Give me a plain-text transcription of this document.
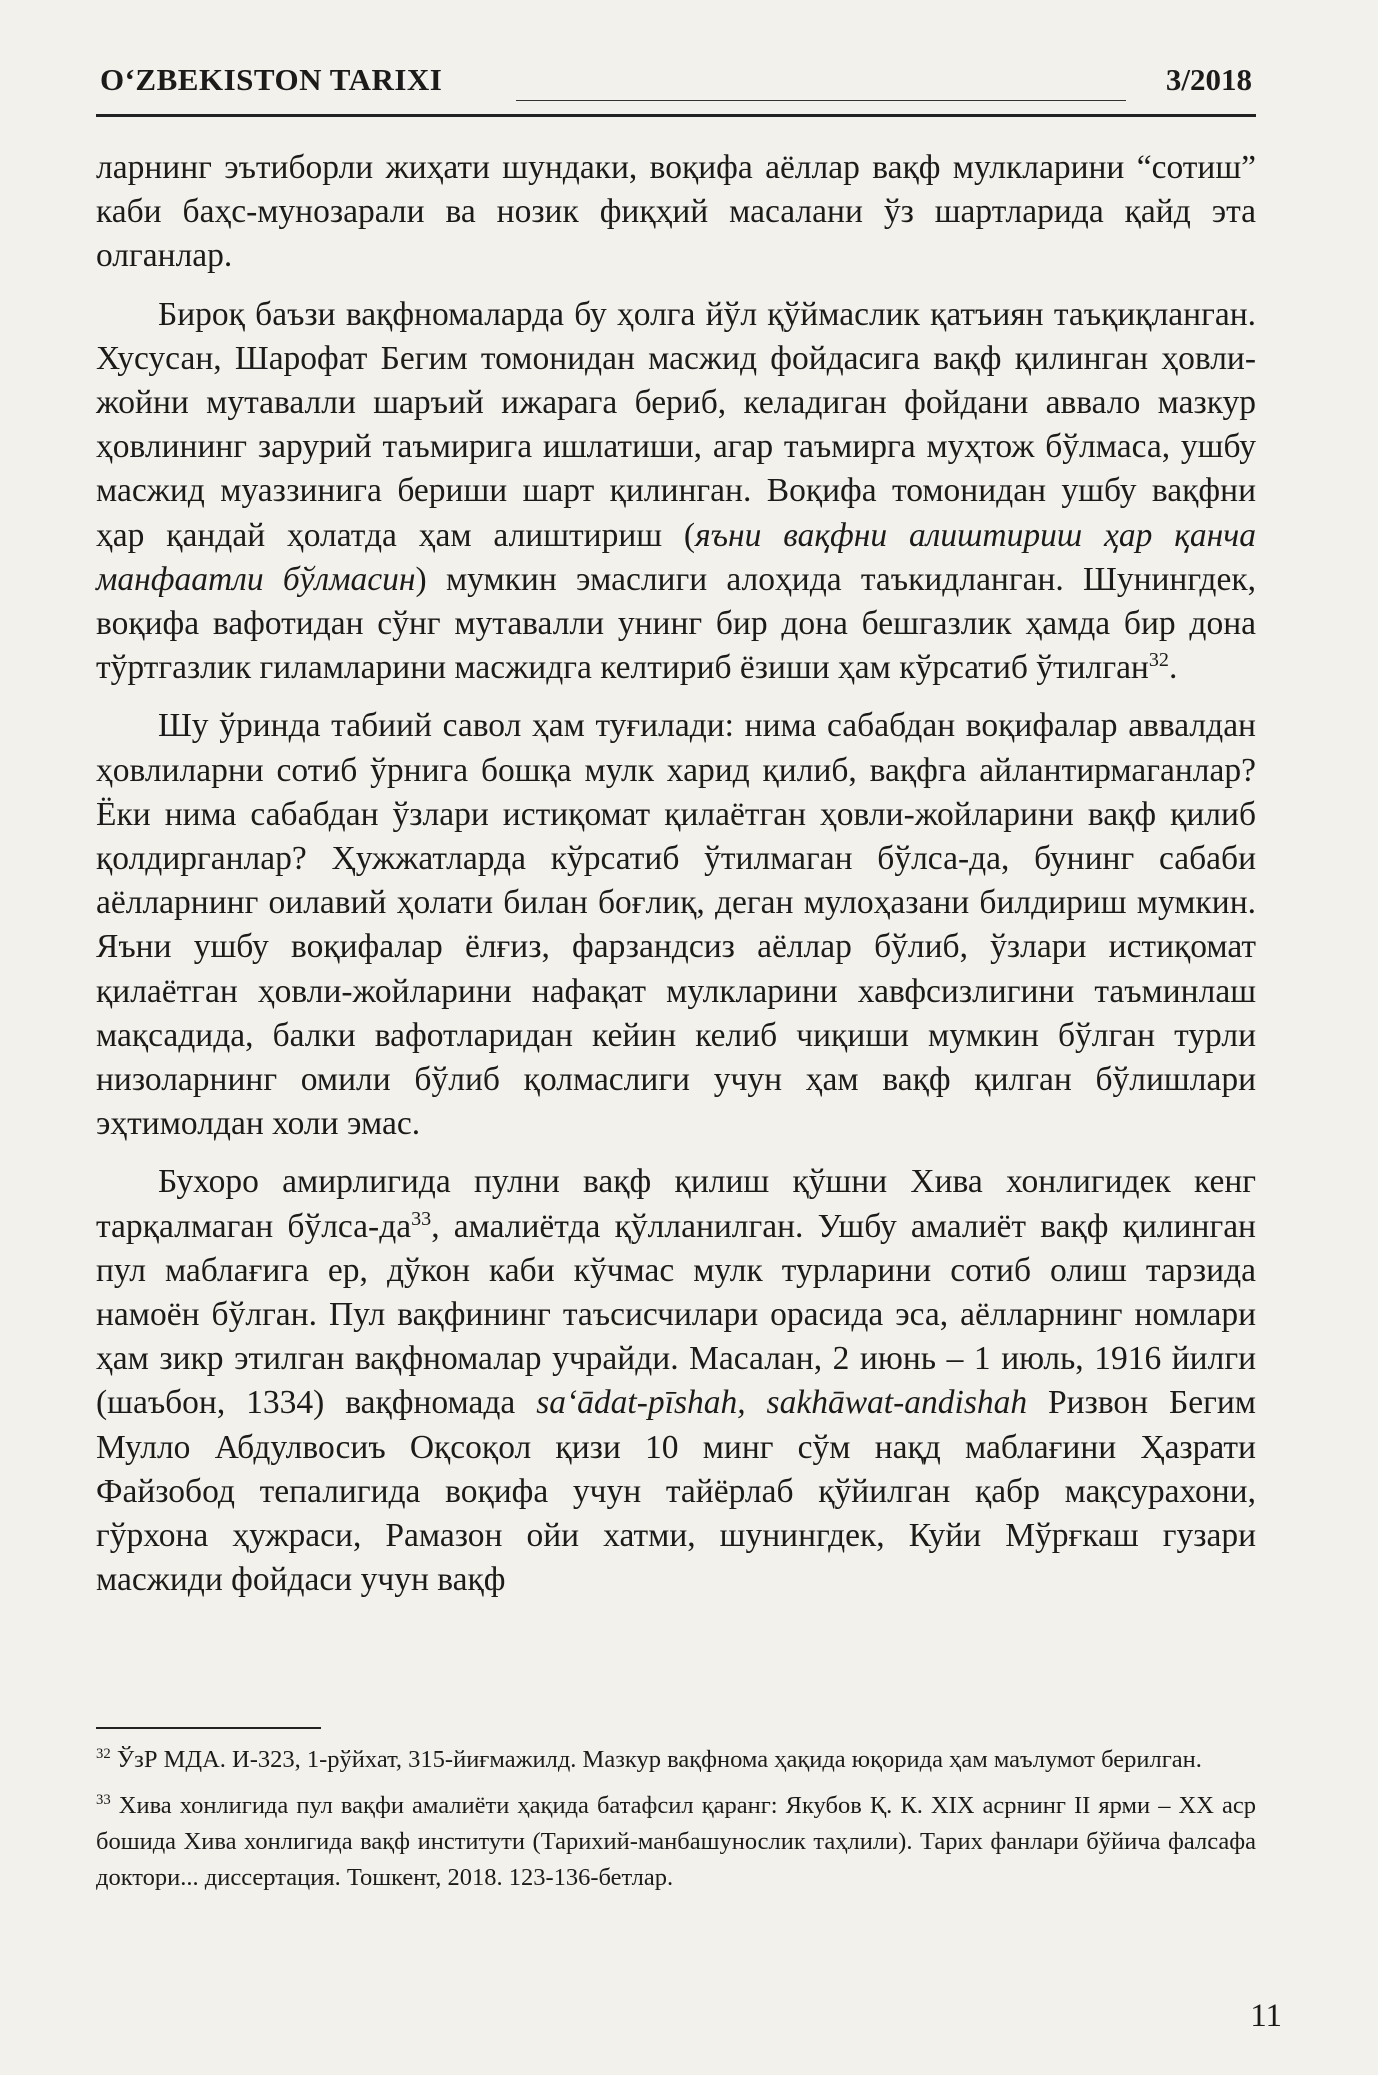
O‘ZBEKISTON TARIXI	3/2018

ларнинг эътиборли жиҳати шундаки, воқифа аёллар вақф мулкларини “сотиш” каби баҳс-мунозарали ва нозик фиқҳий масалани ўз шартларида қайд эта олганлар.

Бироқ баъзи вақфномаларда бу ҳолга йўл қўймаслик қатъиян таъқиқланган. Хусусан, Шарофат Бегим томонидан масжид фойдасига вақф қилинган ҳовли-жойни мутавалли шаръий ижарага бериб, келадиган фойдани аввало мазкур ҳовлининг зарурий таъмирига ишлатиши, агар таъмирга муҳтож бўлмаса, ушбу масжид муаззинига бериши шарт қилинган. Воқифа томонидан ушбу вақфни ҳар қандай ҳолатда ҳам алиштириш (яъни вақфни алиштириш ҳар қанча манфаатли бўлмасин) мумкин эмаслиги алоҳида таъкидланган. Шунингдек, воқифа вафотидан сўнг мутавалли унинг бир дона бешгазлик ҳамда бир дона тўртгазлик гиламларини масжидга келтириб ёзиши ҳам кўрсатиб ўтилган$^{32}$.

Шу ўринда табиий савол ҳам туғилади: нима сабабдан воқифалар аввалдан ҳовлиларни сотиб ўрнига бошқа мулк харид қилиб, вақфга айлантирмаганлар? Ёки нима сабабдан ўзлари истиқомат қилаётган ҳовли-жойларини вақф қилиб қолдирганлар? Ҳужжатларда кўрсатиб ўтилмаган бўлса-да, бунинг сабаби аёлларнинг оилавий ҳолати билан боғлиқ, деган мулоҳазани билдириш мумкин. Яъни ушбу воқифалар ёлғиз, фарзандсиз аёллар бўлиб, ўзлари истиқомат қилаётган ҳовли-жойларини нафақат мулкларини хавфсизлигини таъминлаш мақсадида, балки вафотларидан кейин келиб чиқиши мумкин бўлган турли низоларнинг омили бўлиб қолмаслиги учун ҳам вақф қилган бўлишлари эҳтимолдан холи эмас.

Бухоро амирлигида пулни вақф қилиш қўшни Хива хонлигидек кенг тарқалмаган бўлса-$да^{33}$, амалиётда қўлланилган. Ушбу амалиёт вақф қилинган пул маблағига ер, дўкон каби кўчмас мулк турларини сотиб олиш тарзида намоён бўлган. Пул вақфининг таъсисчилари орасида эса, аёлларнинг номлари ҳам зикр этилган вақфномалар учрайди. Масалан, 2 июнь – 1 июль, 1916 йилги (шаъбон, 1334) вақфномада sa‘ādat-pīshah, sakhāwat-andishah Ризвон Бегим Мулло Абдулвосиъ Оқсоқол қизи 10 минг сўм нақд маблағини Ҳазрати Файзобод тепалигида воқифа учун тайёрлаб қўйилган қабр мақсурахони, гўрхона ҳужраси, Рамазон ойи хатми, шунингдек, Куйи Мўрғкаш гузари масжиди фойдаси учун вақф

$^{32}$ ЎзР МДА. И-323, 1-рўйхат, 315-йиғмажилд. Мазкур вақфнома ҳақида юқорида ҳам маълумот берилган.

$^{33}$ Хива хонлигида пул вақфи амалиёти ҳақида батафсил қаранг: Якубов Қ. К. ХIХ асрнинг II ярми – ХХ аср бошида Хива хонлигида вақф институти (Тарихий-манбашунослик таҳлили). Тарих фанлари бўйича фалсафа доктори... диссертация. Тошкент, 2018. 123-136-бетлар.

11
